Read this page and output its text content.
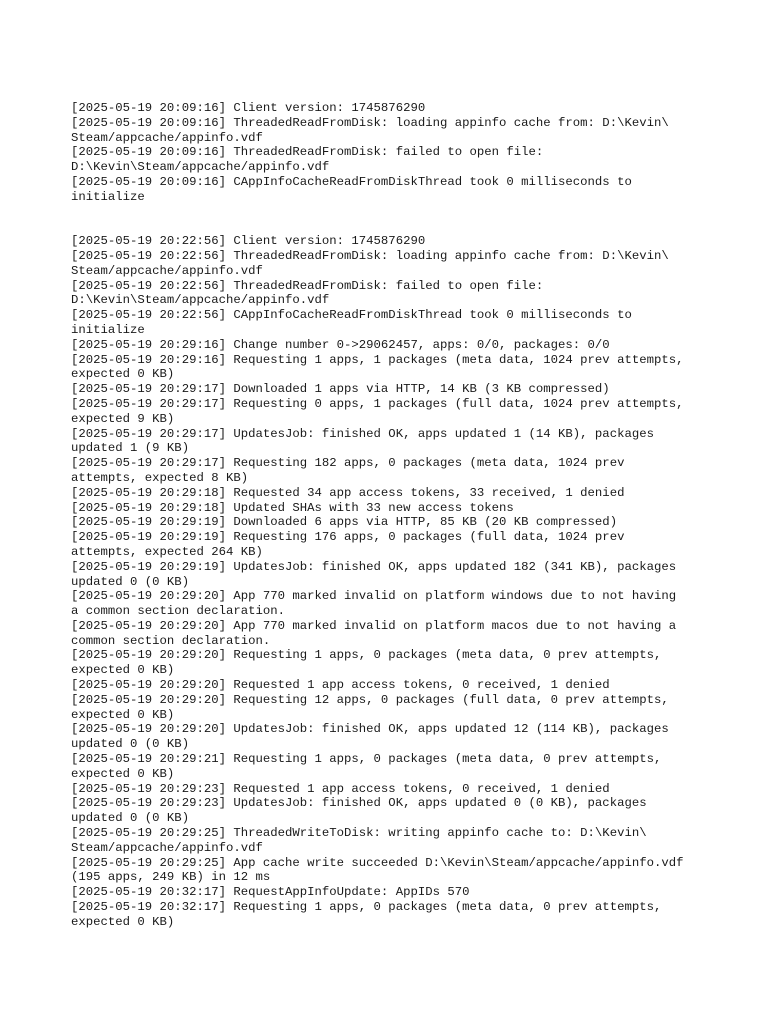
[2025-05-19 20:09:16] Client version: 1745876290

[2025-05-19 20:09:16] ThreadedReadFromDisk: loading appinfo cache from: D:\Kevin\
Steam/appcache/appinfo.vdf

[2025-05-19 20:09:16] ThreadedReadFromDisk: failed to open file:
D:\Kevin\Steam/appcache/appinfo.vdf

[2025-05-19 20:09:16] CAppInfoCacheReadFromDiskThread took 0 milliseconds to
initialize

[2025-05-19 20:22:56] Client version: 1745876290

[2025-05-19 20:22:56] ThreadedReadFromDisk: loading appinfo cache from: D:\Kevin\
Steam/appcache/appinfo.vdf

[2025-05-19 20:22:56] ThreadedReadFromDisk: failed to open file:
D:\Kevin\Steam/appcache/appinfo.vdf

[2025-05-19 20:22:56] CAppInfoCacheReadFromDiskThread took 0 milliseconds to
initialize

[2025-05-19 20:29:16] Change number 0->29062457, apps: 0/0, packages: 0/0

[2025-05-19 20:29:16] Requesting 1 apps, 1 packages (meta data, 1024 prev attempts,
expected 0 KB)

[2025-05-19 20:29:17] Downloaded 1 apps via HTTP, 14 KB (3 KB compressed)

[2025-05-19 20:29:17] Requesting 0 apps, 1 packages (full data, 1024 prev attempts,
expected 9 KB)

[2025-05-19 20:29:17] UpdatesJob: finished OK, apps updated 1 (14 KB), packages
updated 1 (9 KB)

[2025-05-19 20:29:17] Requesting 182 apps, 0 packages (meta data, 1024 prev
attempts, expected 8 KB)

[2025-05-19 20:29:18] Requested 34 app access tokens, 33 received, 1 denied

[2025-05-19 20:29:18] Updated SHAs with 33 new access tokens

[2025-05-19 20:29:19] Downloaded 6 apps via HTTP, 85 KB (20 KB compressed)

[2025-05-19 20:29:19] Requesting 176 apps, 0 packages (full data, 1024 prev
attempts, expected 264 KB)

[2025-05-19 20:29:19] UpdatesJob: finished OK, apps updated 182 (341 KB), packages
updated 0 (0 KB)

[2025-05-19 20:29:20] App 770 marked invalid on platform windows due to not having
a common section declaration.

[2025-05-19 20:29:20] App 770 marked invalid on platform macos due to not having a
common section declaration.

[2025-05-19 20:29:20] Requesting 1 apps, 0 packages (meta data, 0 prev attempts,
expected 0 KB)

[2025-05-19 20:29:20] Requested 1 app access tokens, 0 received, 1 denied

[2025-05-19 20:29:20] Requesting 12 apps, 0 packages (full data, 0 prev attempts,
expected 0 KB)

[2025-05-19 20:29:20] UpdatesJob: finished OK, apps updated 12 (114 KB), packages
updated 0 (0 KB)

[2025-05-19 20:29:21] Requesting 1 apps, 0 packages (meta data, 0 prev attempts,
expected 0 KB)

[2025-05-19 20:29:23] Requested 1 app access tokens, 0 received, 1 denied

[2025-05-19 20:29:23] UpdatesJob: finished OK, apps updated 0 (0 KB), packages
updated 0 (0 KB)

[2025-05-19 20:29:25] ThreadedWriteToDisk: writing appinfo cache to: D:\Kevin\
Steam/appcache/appinfo.vdf

[2025-05-19 20:29:25] App cache write succeeded D:\Kevin\Steam/appcache/appinfo.vdf
(195 apps, 249 KB) in 12 ms

[2025-05-19 20:32:17] RequestAppInfoUpdate: AppIDs 570

[2025-05-19 20:32:17] Requesting 1 apps, 0 packages (meta data, 0 prev attempts,
expected 0 KB)
